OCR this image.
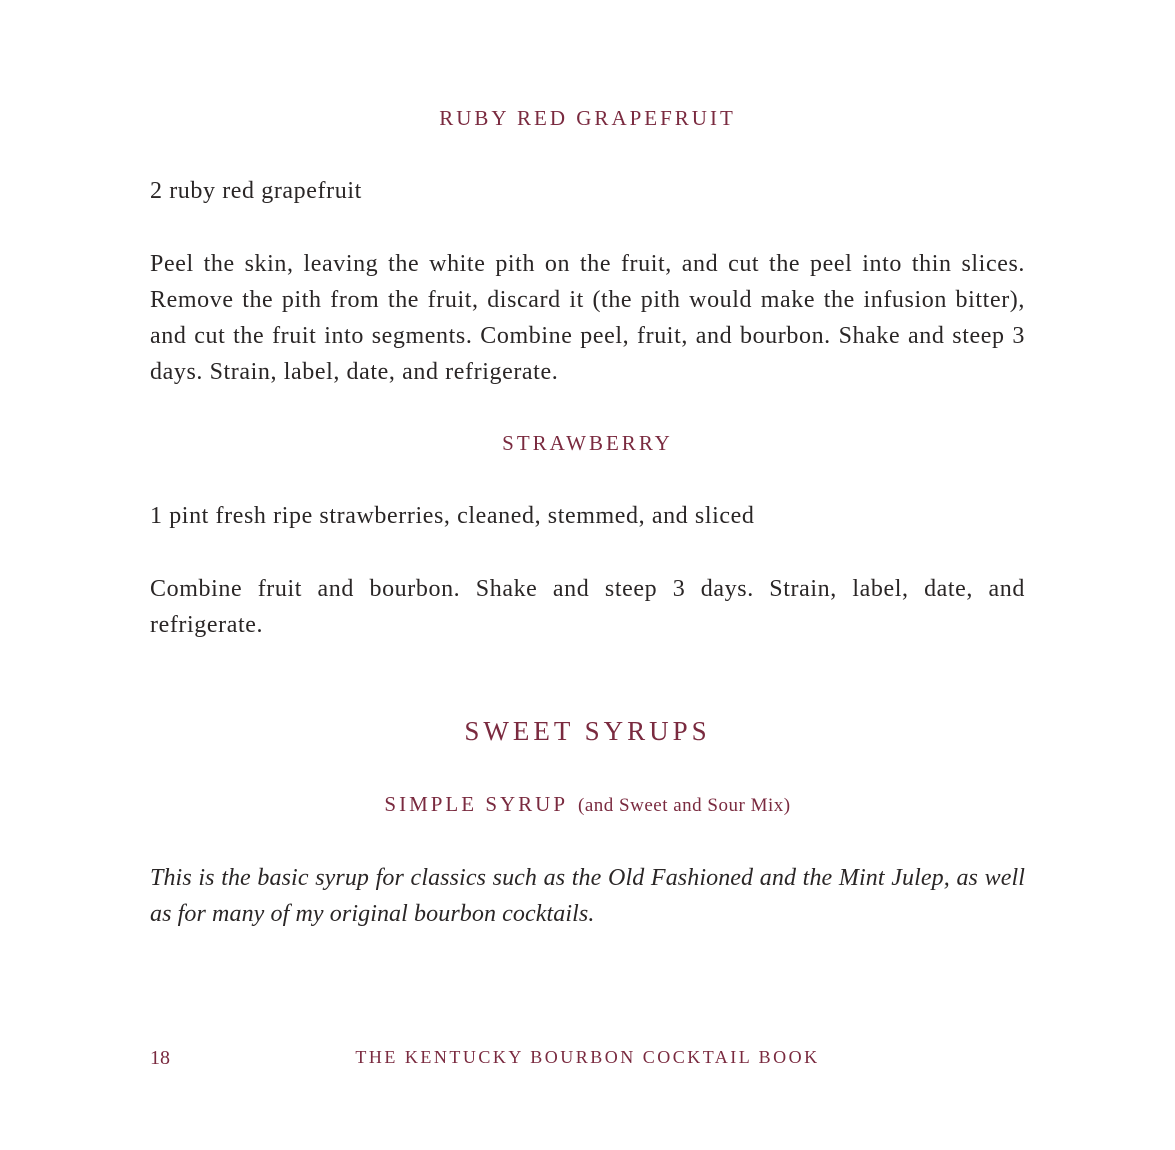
RUBY RED GRAPEFRUIT
2 ruby red grapefruit

Peel the skin, leaving the white pith on the fruit, and cut the peel into thin slices. Remove the pith from the fruit, discard it (the pith would make the infusion bitter), and cut the fruit into segments. Combine peel, fruit, and bourbon. Shake and steep 3 days. Strain, label, date, and refrigerate.

STRAWBERRY
1 pint fresh ripe strawberries, cleaned, stemmed, and sliced

Combine fruit and bourbon. Shake and steep 3 days. Strain, label, date, and refrigerate.

SWEET SYRUPS
SIMPLE SYRUP (and Sweet and Sour Mix)

This is the basic syrup for classics such as the Old Fashioned and the Mint Julep, as well as for many of my original bourbon cocktails.

18	THE KENTUCKY BOURBON COCKTAIL BOOK
